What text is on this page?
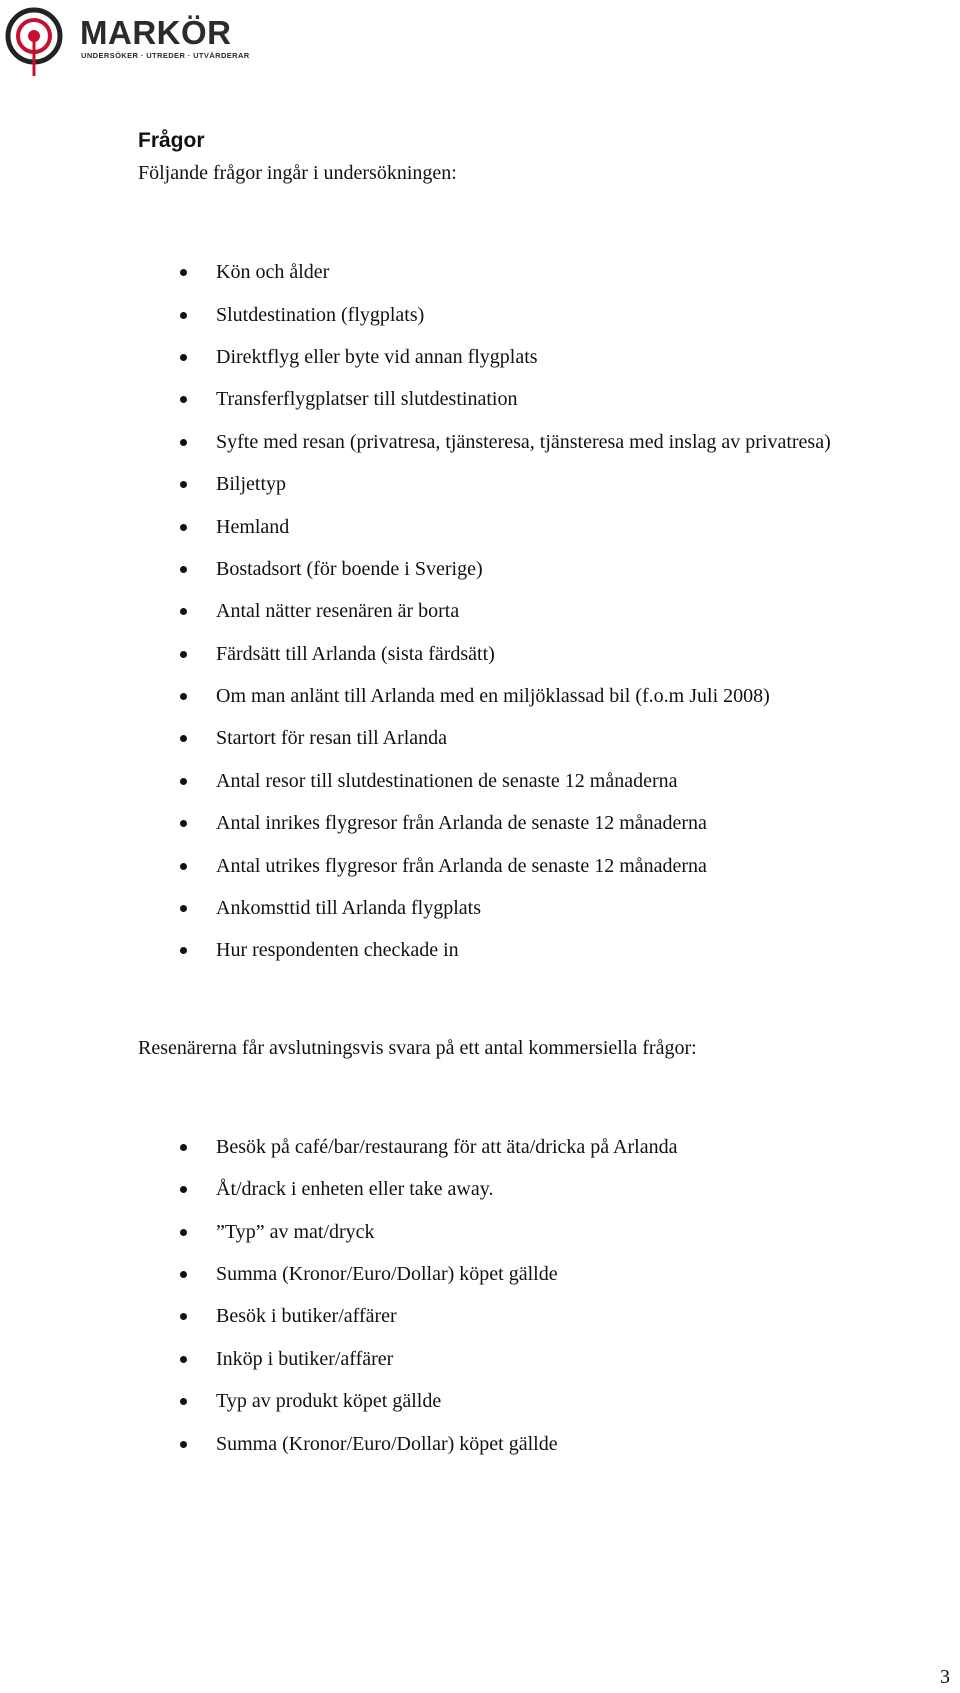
MARKÖR
UNDERSÖKER · UTREDER · UTVÄRDERAR
Frågor

Följande frågor ingår i undersökningen:

Kön och ålder
Slutdestination (flygplats)
Direktflyg eller byte vid annan flygplats
Transferflygplatser till slutdestination
Syfte med resan (privatresa, tjänsteresa, tjänsteresa med inslag av privatresa)
Biljettyp
Hemland
Bostadsort (för boende i Sverige)
Antal nätter resenären är borta
Färdsätt till Arlanda (sista färdsätt)
Om man anlänt till Arlanda med en miljöklassad bil (f.o.m Juli 2008)
Startort för resan till Arlanda
Antal resor till slutdestinationen de senaste 12 månaderna
Antal inrikes flygresor från Arlanda de senaste 12 månaderna
Antal utrikes flygresor från Arlanda de senaste 12 månaderna
Ankomsttid till Arlanda flygplats
Hur respondenten checkade in

Resenärerna får avslutningsvis svara på ett antal kommersiella frågor:

Besök på café/bar/restaurang för att äta/dricka på Arlanda
Åt/drack i enheten eller take away.
”Typ” av mat/dryck
Summa (Kronor/Euro/Dollar) köpet gällde
Besök i butiker/affärer
Inköp i butiker/affärer
Typ av produkt köpet gällde
Summa (Kronor/Euro/Dollar) köpet gällde
3
